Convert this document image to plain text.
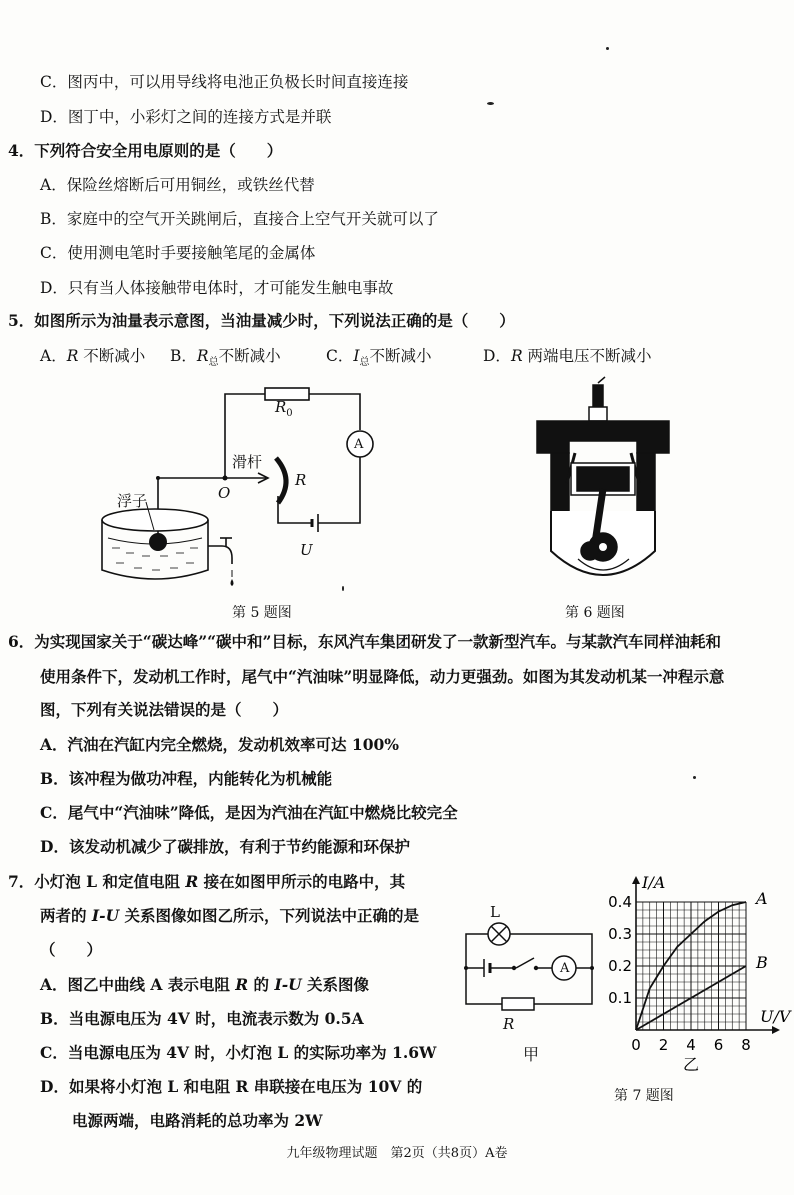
C．图丙中，可以用导线将电池正负极长时间直接连接
D．图丁中，小彩灯之间的连接方式是并联
4．下列符合安全用电原则的是（　　）
A．保险丝熔断后可用铜丝，或铁丝代替
B．家庭中的空气开关跳闸后，直接合上空气开关就可以了
C．使用测电笔时手要接触笔尾的金属体
D．只有当人体接触带电体时，才可能发生触电事故
5．如图所示为油量表示意图，当油量减少时，下列说法正确的是（　　）
A．R 不断减小 B．$R_总$不断减小	C．$I_总$不断减小	D．R 两端电压不断减小
$R_0$
A
滑杆
O
R
浮子
U
第 5 题图	第 6 题图
6．为实现国家关于“碳达峰”“碳中和”目标，东风汽车集团研发了一款新型汽车。与某款汽车同样油耗和
使用条件下，发动机工作时，尾气中“汽油味”明显降低，动力更强劲。如图为其发动机某一冲程示意
图，下列有关说法错误的是（　　）
A．汽油在汽缸内完全燃烧，发动机效率可达 100%
B．该冲程为做功冲程，内能转化为机械能
C．尾气中“汽油味”降低，是因为汽油在汽缸中燃烧比较完全
D．该发动机减少了碳排放，有利于节约能源和环保护
7．小灯泡 L 和定值电阻 R 接在如图甲所示的电路中，其
两者的 I-U 关系图像如图乙所示，下列说法中正确的是
（　　）
A．图乙中曲线 A 表示电阻 R 的 I-U 关系图像
B．当电源电压为 4V 时，电流表示数为 0.5A
C．当电源电压为 4V 时，小灯泡 L 的实际功率为 1.6W
D．如果将小灯泡 L 和电阻 R 串联接在电压为 10V 的
电源两端，电路消耗的总功率为 2W
L
A
R
甲	0 2 4 6 8
0.1
0.2
0.3
0.4
I/A
U/V
A
B
乙
第 7 题图
九年级物理试题　第2页（共8页）A卷
